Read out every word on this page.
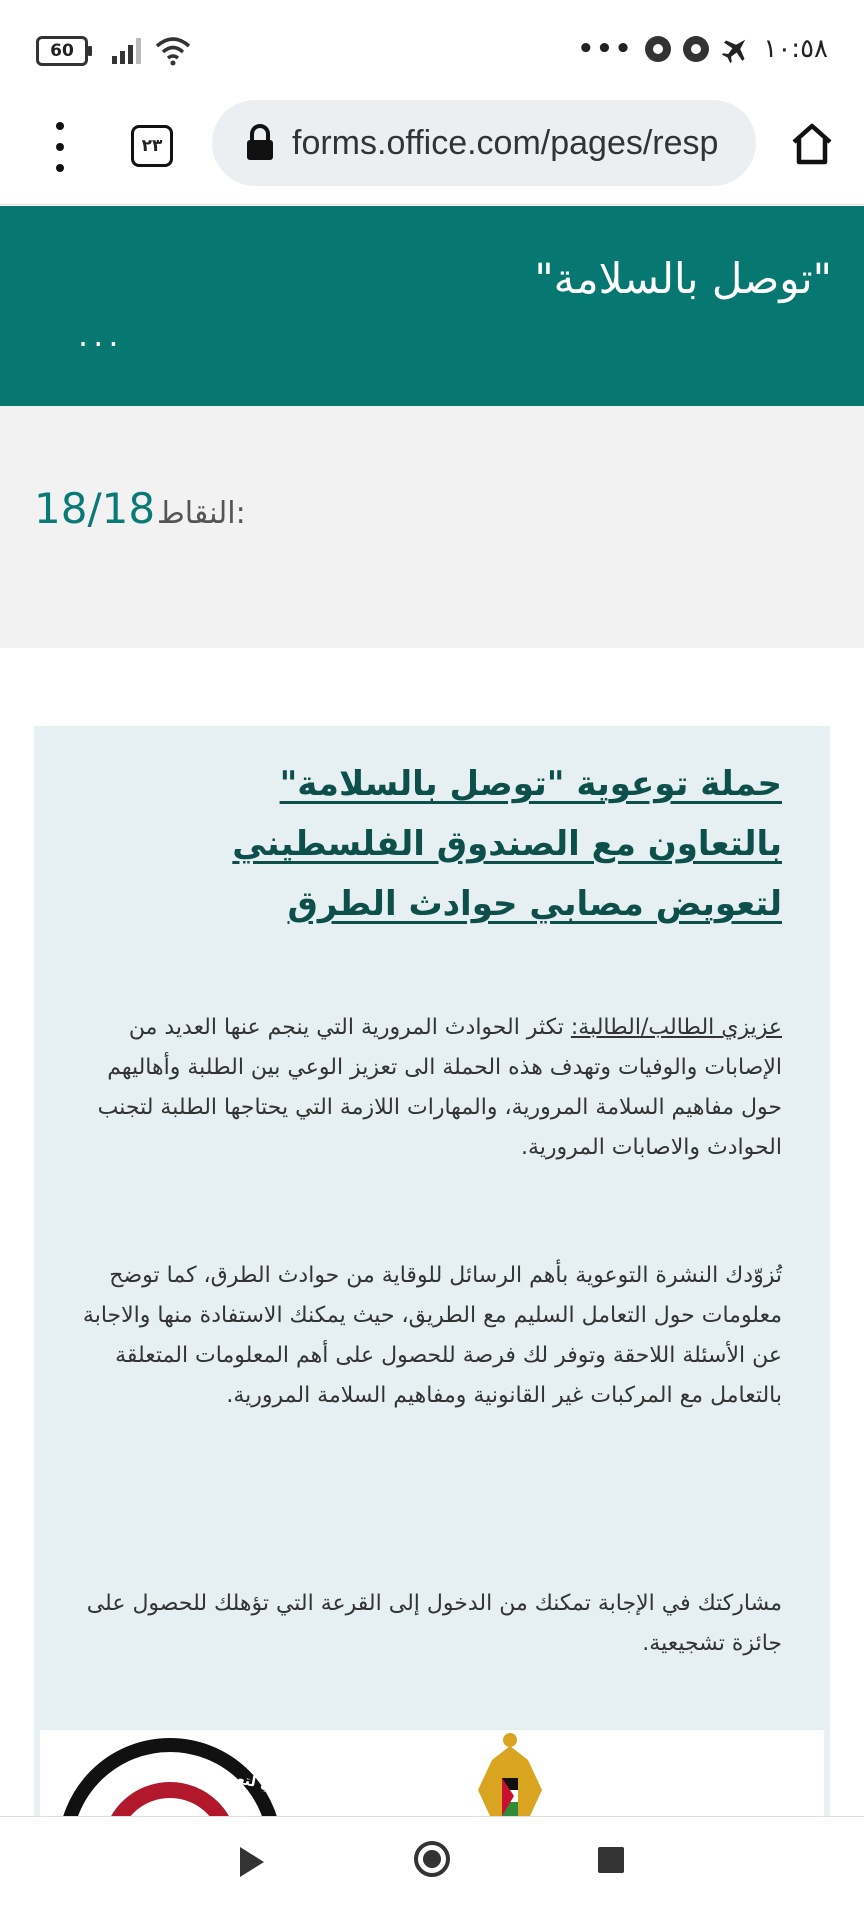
60	•••	١٠:٥٨
٢٣	forms.office.com/pages/resp
"توصل بالسلامة"
...
18/18 النقاط:
حملة توعوية "توصل بالسلامة" بالتعاون مع الصندوق الفلسطيني لتعويض مصابي حوادث الطرق
عزيزي الطالب/الطالبة: تكثر الحوادث المرورية التي ينجم عنها العديد من الإصابات والوفيات وتهدف هذه الحملة الى تعزيز الوعي بين الطلبة وأهاليهم حول مفاهيم السلامة المرورية، والمهارات اللازمة التي يحتاجها الطلبة لتجنب الحوادث والاصابات المرورية.
تُزوّدك النشرة التوعوية بأهم الرسائل للوقاية من حوادث الطرق، كما توضح معلومات حول التعامل السليم مع الطريق، حيث يمكنك الاستفادة منها والاجابة عن الأسئلة اللاحقة وتوفر لك فرصة للحصول على أهم المعلومات المتعلقة بالتعامل مع المركبات غير القانونية ومفاهيم السلامة المرورية.
مشاركتك في الإجابة تمكنك من الدخول إلى القرعة التي تؤهلك للحصول على جائزة تشجيعية.
فلسطيني لتعويض مصابي
